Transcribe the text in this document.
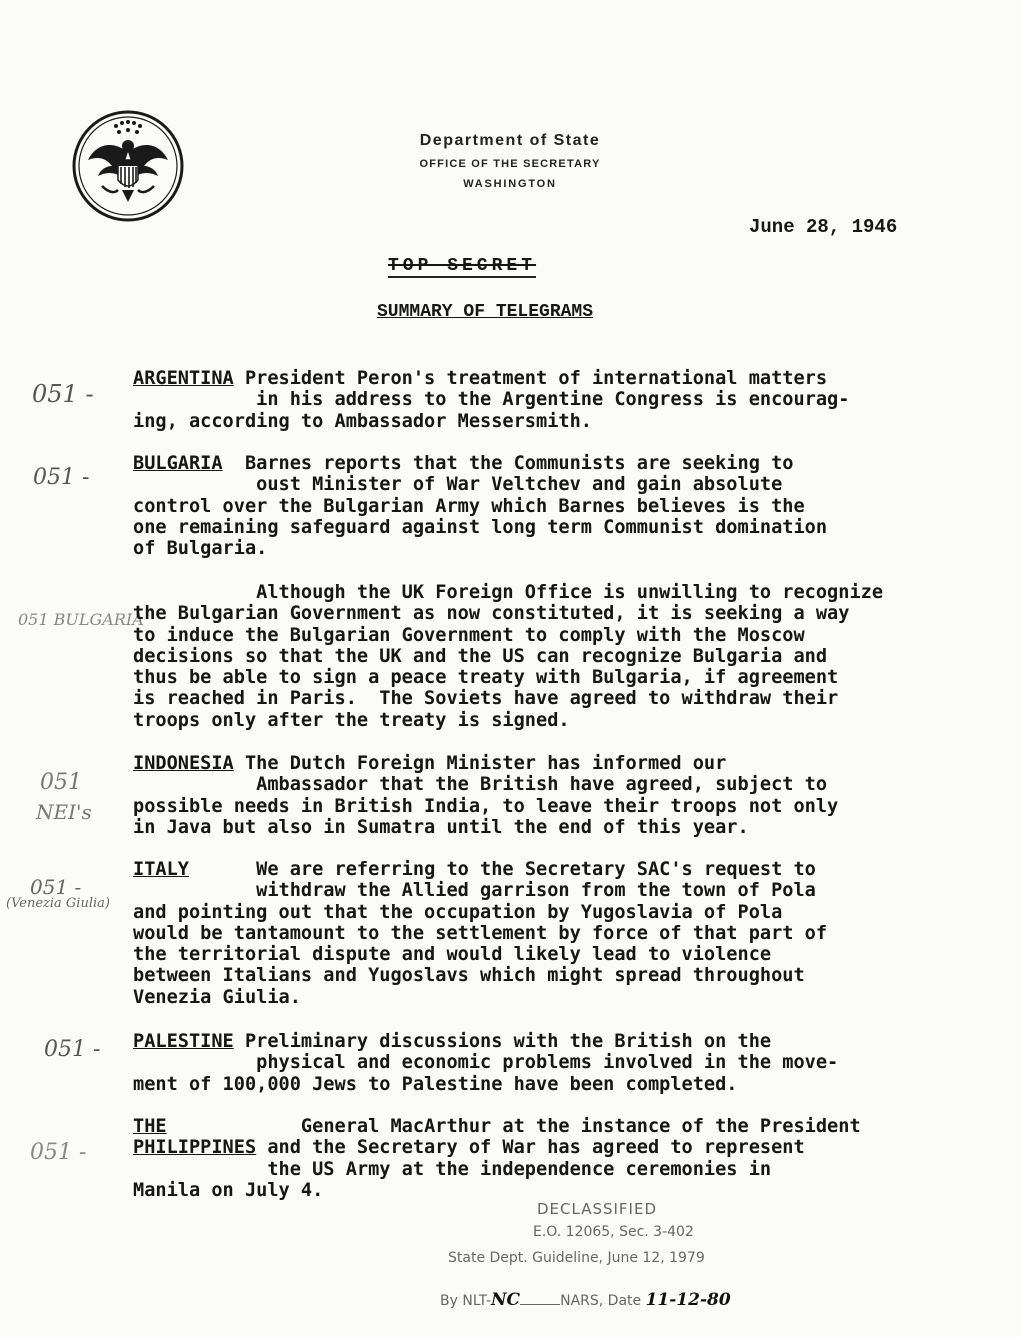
Department of State
OFFICE OF THE SECRETARY
WASHINGTON
June 28, 1946
TOP SECRET
SUMMARY OF TELEGRAMS
051 -
051 -
051 BULGARIA
051
NEI's
051 -
(Venezia Giulia)
051 -
051 -
ARGENTINA President Peron's treatment of international matters
in his address to the Argentine Congress is encourag-
ing, according to Ambassador Messersmith.
BULGARIA  Barnes reports that the Communists are seeking to
oust Minister of War Veltchev and gain absolute
control over the Bulgarian Army which Barnes believes is the
one remaining safeguard against long term Communist domination
of Bulgaria.
Although the UK Foreign Office is unwilling to recognize
the Bulgarian Government as now constituted, it is seeking a way
to induce the Bulgarian Government to comply with the Moscow
decisions so that the UK and the US can recognize Bulgaria and
thus be able to sign a peace treaty with Bulgaria, if agreement
is reached in Paris.  The Soviets have agreed to withdraw their
troops only after the treaty is signed.
INDONESIA The Dutch Foreign Minister has informed our
Ambassador that the British have agreed, subject to
possible needs in British India, to leave their troops not only
in Java but also in Sumatra until the end of this year.
ITALY      We are referring to the Secretary SAC's request to
withdraw the Allied garrison from the town of Pola
and pointing out that the occupation by Yugoslavia of Pola
would be tantamount to the settlement by force of that part of
the territorial dispute and would likely lead to violence
between Italians and Yugoslavs which might spread throughout
Venezia Giulia.
PALESTINE Preliminary discussions with the British on the
physical and economic problems involved in the move-
ment of 100,000 Jews to Palestine have been completed.
THE            General MacArthur at the instance of the President
PHILIPPINES and the Secretary of War has agreed to represent
the US Army at the independence ceremonies in
Manila on July 4.
DECLASSIFIED
E.O. 12065, Sec. 3-402
State Dept. Guideline, June 12, 1979
By NLT-NC	NARS, Date 11-12-80
